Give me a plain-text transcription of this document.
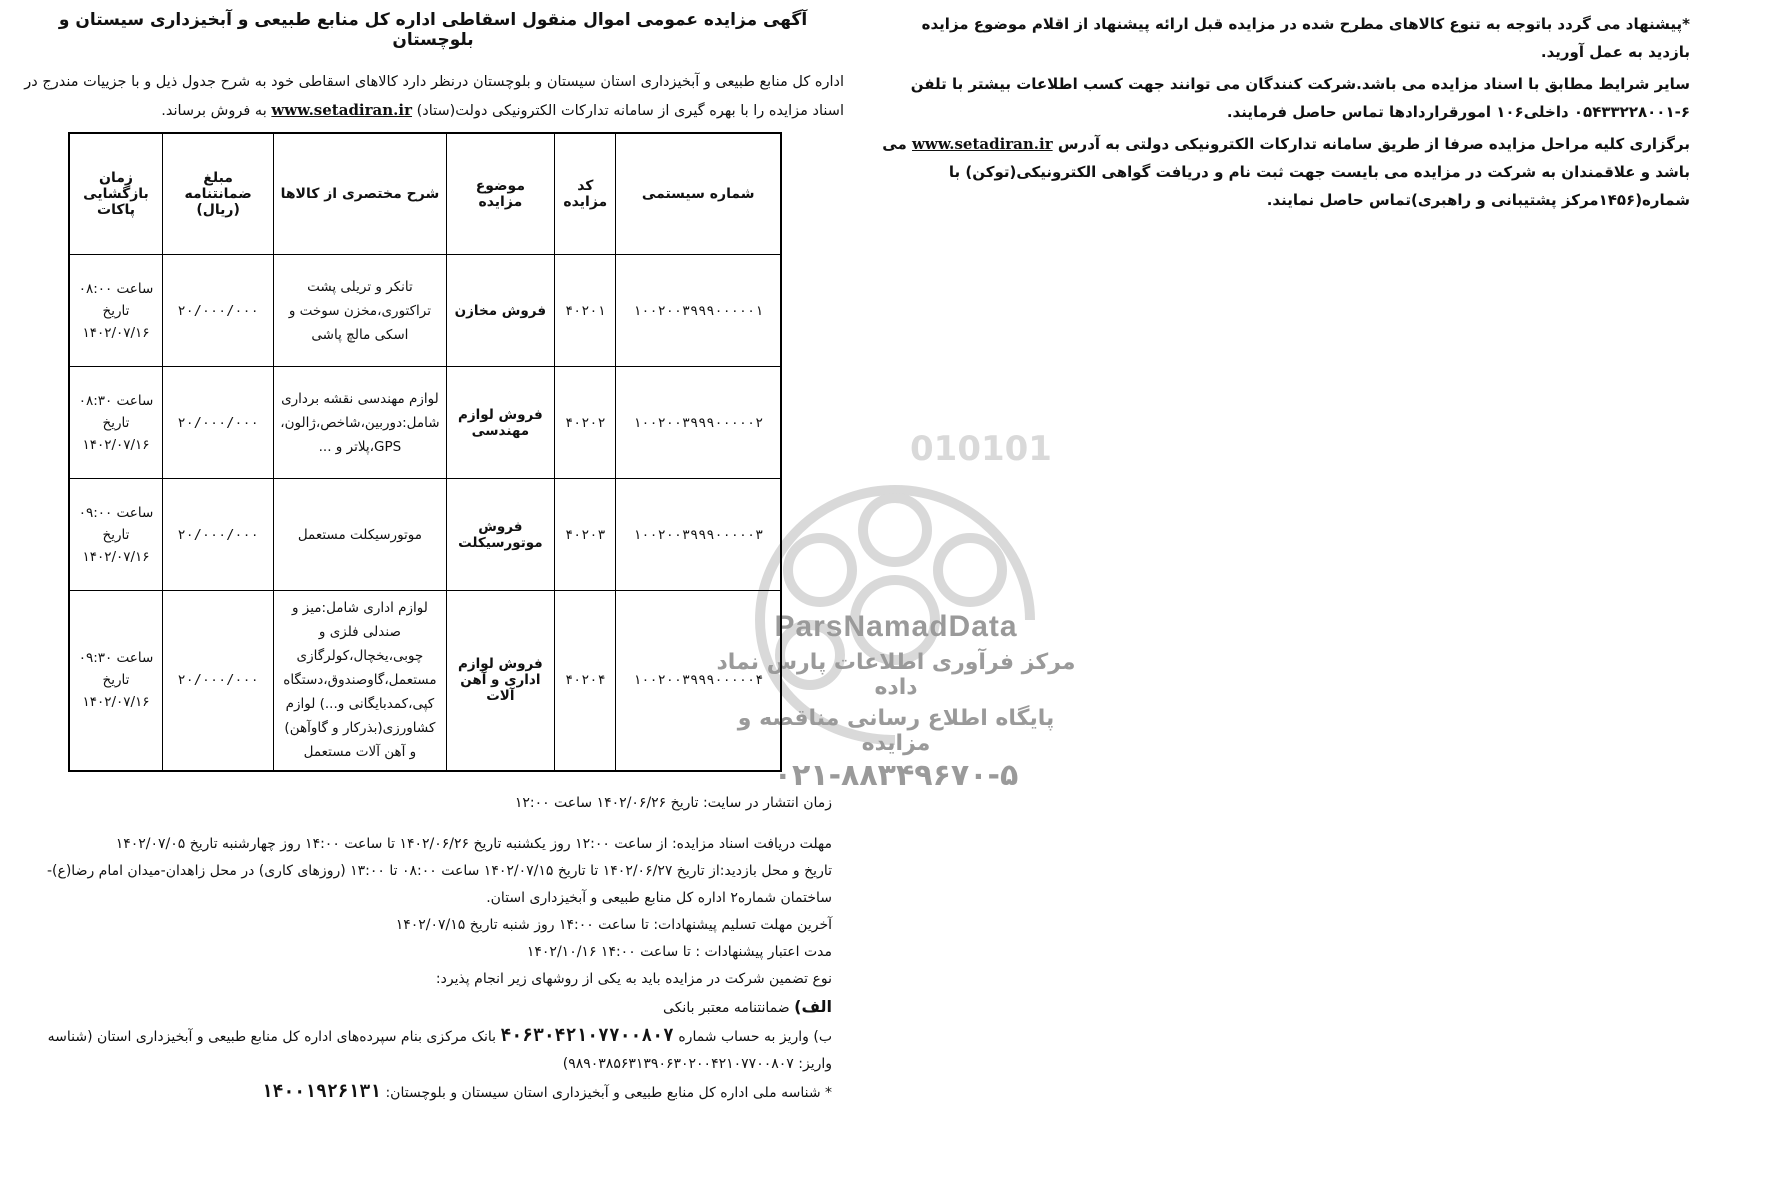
010101
ParsNamadData
مرکز فرآوری اطلاعات پارس نماد داده
پایگاه اطلاع رسانی مناقصه و مزایده
۰۲۱-۸۸۳۴۹۶۷۰-۵
آگهی مزایده عمومی اموال منقول اسقاطی اداره کل منابع طبیعی و آبخیزداری سیستان و بلوچستان
اداره کل منابع طبیعی و آبخیزداری استان سیستان و بلوچستان درنظر دارد کالاهای اسقاطی خود به شرح جدول ذیل و با جزییات مندرج در اسناد مزایده را با بهره گیری از سامانه تدارکات الکترونیکی دولت(ستاد) www.setadiran.ir به فروش برساند.
*پیشنهاد می گردد باتوجه به تنوع کالاهای مطرح شده در مزایده قبل ارائه پیشنهاد از اقلام موضوع مزایده بازدید به عمل آورید.
سایر شرایط مطابق با اسناد مزایده می باشد.شرکت کنندگان می توانند جهت کسب اطلاعات بیشتر با تلفن ۶-۰۵۴۳۳۲۲۸۰۰۱ داخلی۱۰۶ امورقراردادها تماس حاصل فرمایند.
برگزاری کلیه مراحل مزایده صرفا از طریق سامانه تدارکات الکترونیکی دولتی به آدرس www.setadiran.ir می باشد و علاقمندان به شرکت در مزایده می بایست جهت ثبت نام و دریافت گواهی الکترونیکی(توکن) با شماره(۱۴۵۶مرکز پشتیبانی و راهبری)تماس حاصل نمایند.
شماره سیستمی	کد مزایده	موضوع مزایده	شرح مختصری از کالاها	مبلغ ضمانتنامه (ریال)	زمان بازگشایی پاکات
۱۰۰۲۰۰۳۹۹۹۰۰۰۰۰۱	۴۰۲۰۱	فروش مخازن	تانکر و تریلی پشت تراکتوری،مخزن سوخت و اسکی مالچ پاشی	۲۰/۰۰۰/۰۰۰	ساعت ۰۸:۰۰ تاریخ ۱۴۰۲/۰۷/۱۶
۱۰۰۲۰۰۳۹۹۹۰۰۰۰۰۲	۴۰۲۰۲	فروش لوازم مهندسی	لوازم مهندسی نقشه برداری شامل:دوربین،شاخص،ژالون، GPS،پلاتر و ...	۲۰/۰۰۰/۰۰۰	ساعت ۰۸:۳۰ تاریخ ۱۴۰۲/۰۷/۱۶
۱۰۰۲۰۰۳۹۹۹۰۰۰۰۰۳	۴۰۲۰۳	فروش موتورسیکلت	موتورسیکلت مستعمل	۲۰/۰۰۰/۰۰۰	ساعت ۰۹:۰۰ تاریخ ۱۴۰۲/۰۷/۱۶
۱۰۰۲۰۰۳۹۹۹۰۰۰۰۰۴	۴۰۲۰۴	فروش لوازم اداری و آهن آلات	لوازم اداری شامل:میز و صندلی فلزی و چوبی،یخچال،کولرگازی مستعمل،گاوصندوق،دستگاه کپی،کمدبایگانی و...) لوازم کشاورزی(بذرکار و گاوآهن) و آهن آلات مستعمل	۲۰/۰۰۰/۰۰۰	ساعت ۰۹:۳۰ تاریخ ۱۴۰۲/۰۷/۱۶

زمان انتشار در سایت: تاریخ ۱۴۰۲/۰۶/۲۶ ساعت ۱۲:۰۰

مهلت دریافت اسناد مزایده: از ساعت ۱۲:۰۰ روز یکشنبه تاریخ ۱۴۰۲/۰۶/۲۶ تا ساعت ۱۴:۰۰ روز چهارشنبه تاریخ ۱۴۰۲/۰۷/۰۵

تاریخ و محل بازدید:از تاریخ ۱۴۰۲/۰۶/۲۷ تا تاریخ ۱۴۰۲/۰۷/۱۵ ساعت ۰۸:۰۰ تا ۱۳:۰۰ (روزهای کاری) در محل زاهدان-میدان امام رضا(ع)-ساختمان شماره۲ اداره کل منابع طبیعی و آبخیزداری استان.

آخرین مهلت تسلیم پیشنهادات: تا ساعت ۱۴:۰۰ روز شنبه تاریخ ۱۴۰۲/۰۷/۱۵

مدت اعتبار پیشنهادات : تا ساعت ۱۴:۰۰ ۱۴۰۲/۱۰/۱۶

نوع تضمین شرکت در مزایده باید به یکی از روشهای زیر انجام پذیرد:

الف) ضمانتنامه معتبر بانکی

ب) واریز به حساب شماره ۴۰۶۳۰۴۲۱۰۷۷۰۰۸۰۷ بانک مرکزی بنام سپرده‌های اداره کل منابع طبیعی و آبخیزداری استان (شناسه واریز: ۹۸۹۰۳۸۵۶۳۱۳۹۰۶۳۰۲۰۰۴۲۱۰۷۷۰۰۸۰۷)

* شناسه ملی اداره کل منابع طبیعی و آبخیزداری استان سیستان و بلوچستان: ۱۴۰۰۱۹۲۶۱۳۱
